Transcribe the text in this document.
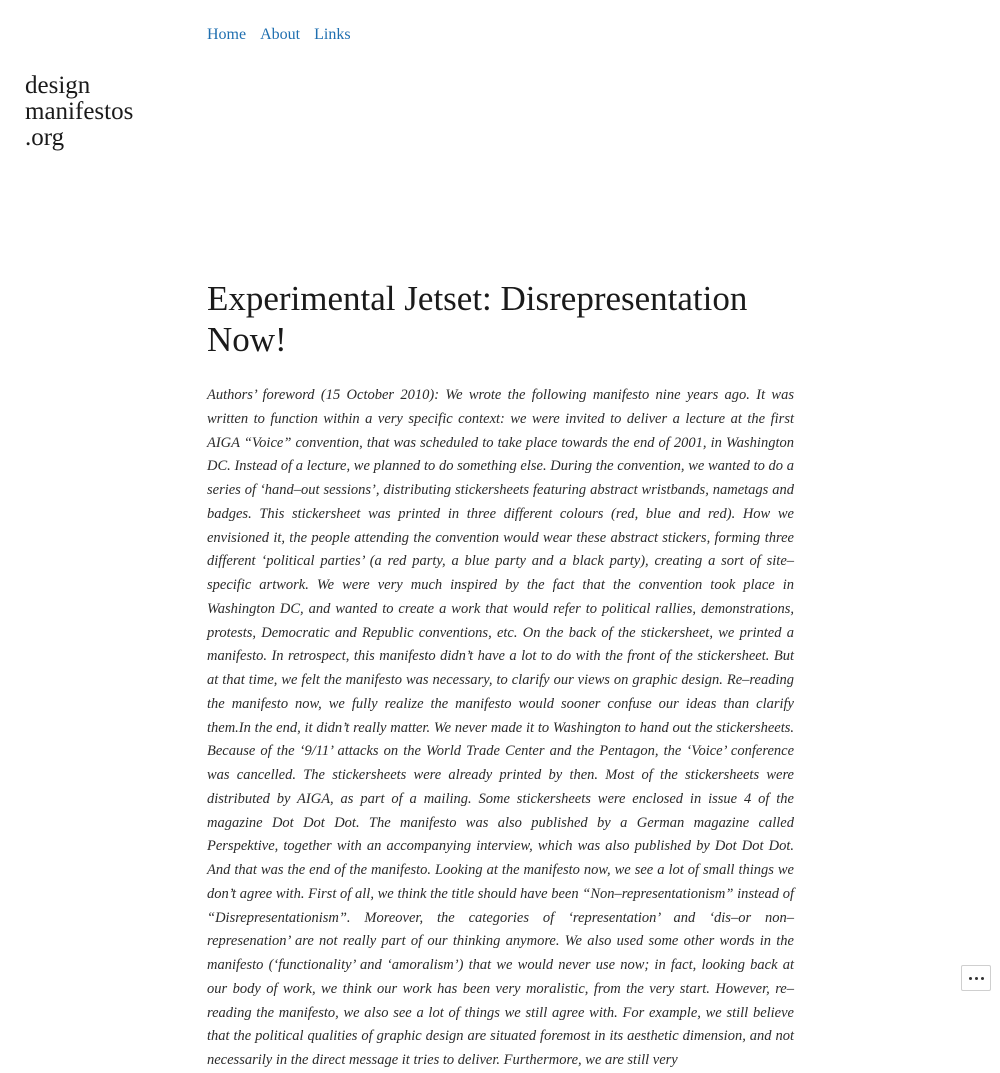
design
manifestos
.org
Home About Links
Experimental Jetset: Disrepresentation Now!

Authors’ foreword (15 October 2010): We wrote the following manifesto nine years ago. It was written to function within a very specific context: we were invited to deliver a lecture at the first AIGA “Voice” convention, that was scheduled to take place towards the end of 2001, in Washington DC. Instead of a lecture, we planned to do something else. During the convention, we wanted to do a series of ‘hand–out sessions’, distributing stickersheets featuring abstract wristbands, nametags and badges. This stickersheet was printed in three different colours (red, blue and red). How we envisioned it, the people attending the convention would wear these abstract stickers, forming three different ‘political parties’ (a red party, a blue party and a black party), creating a sort of site–specific artwork. We were very much inspired by the fact that the convention took place in Washington DC, and wanted to create a work that would refer to political rallies, demonstrations, protests, Democratic and Republic conventions, etc. On the back of the stickersheet, we printed a manifesto. In retrospect, this manifesto didn’t have a lot to do with the front of the stickersheet. But at that time, we felt the manifesto was necessary, to clarify our views on graphic design. Re–reading the manifesto now, we fully realize the manifesto would sooner confuse our ideas than clarify them.In the end, it didn’t really matter. We never made it to Washington to hand out the stickersheets. Because of the ‘9/11’ attacks on the World Trade Center and the Pentagon, the ‘Voice’ conference was cancelled. The stickersheets were already printed by then. Most of the stickersheets were distributed by AIGA, as part of a mailing. Some stickersheets were enclosed in issue 4 of the magazine Dot Dot Dot. The manifesto was also published by a German magazine called Perspektive, together with an accompanying interview, which was also published by Dot Dot Dot. And that was the end of the manifesto. Looking at the manifesto now, we see a lot of small things we don’t agree with. First of all, we think the title should have been “Non–representationism” instead of “Disrepresentationism”. Moreover, the categories of ‘representation’ and ‘dis–or non–represenation’ are not really part of our thinking anymore. We also used some other words in the manifesto (‘functionality’ and ‘amoralism’) that we would never use now; in fact, looking back at our body of work, we think our work has been very moralistic, from the very start. However, re–reading the manifesto, we also see a lot of things we still agree with. For example, we still believe that the political qualities of graphic design are situated foremost in its aesthetic dimension, and not necessarily in the direct message it tries to deliver. Furthermore, we are still very
